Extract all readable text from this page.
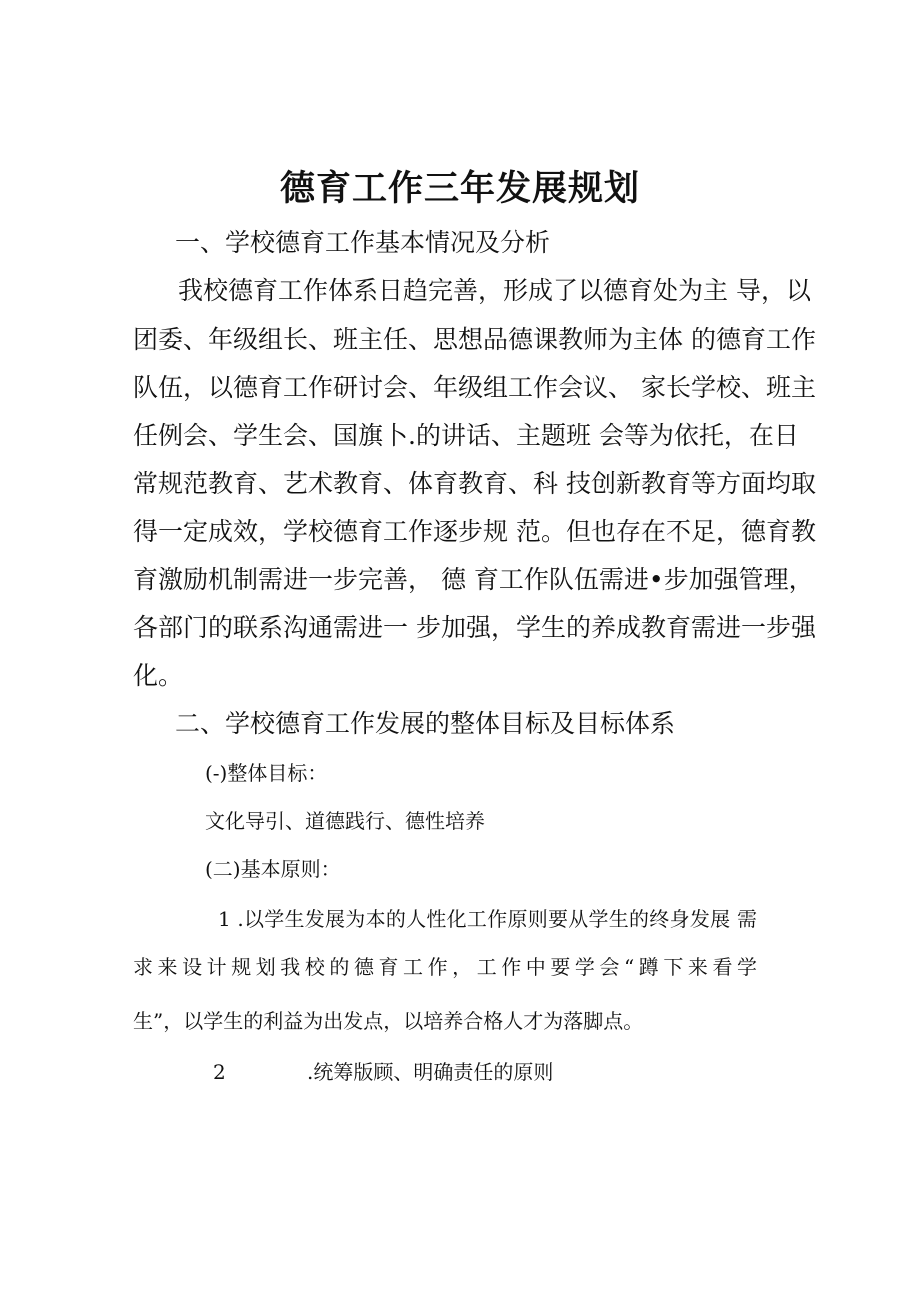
德育工作三年发展规划

一、学校德育工作基本情况及分析

我校德育工作体系日趋完善，形成了以德育处为主 导，以

团委、年级组长、班主任、思想品德课教师为主体 的德育工作

队伍，以德育工作研讨会、年级组工作会议、 家长学校、班主

任例会、学生会、国旗卜.的讲话、主题班 会等为依托，在日

常规范教育、艺术教育、体育教育、科 技创新教育等方面均取

得一定成效，学校德育工作逐步规 范。但也存在不足，德育教

育激励机制需进一步完善， 德 育工作队伍需进•步加强管理，

各部门的联系沟通需进一 步加强，学生的养成教育需进一步强

化。

二、学校德育工作发展的整体目标及目标体系

(-)整体目标：

文化导引、道德践行、德性培养

(二)基本原则：

1 .以学生发展为本的人性化工作原则要从学生的终身发展 需

求来设计规划我校的德育工作，工作中要学会“蹲下来看学

生”，以学生的利益为出发点，以培养合格人才为落脚点。

2	.统筹版顾、明确责任的原则
